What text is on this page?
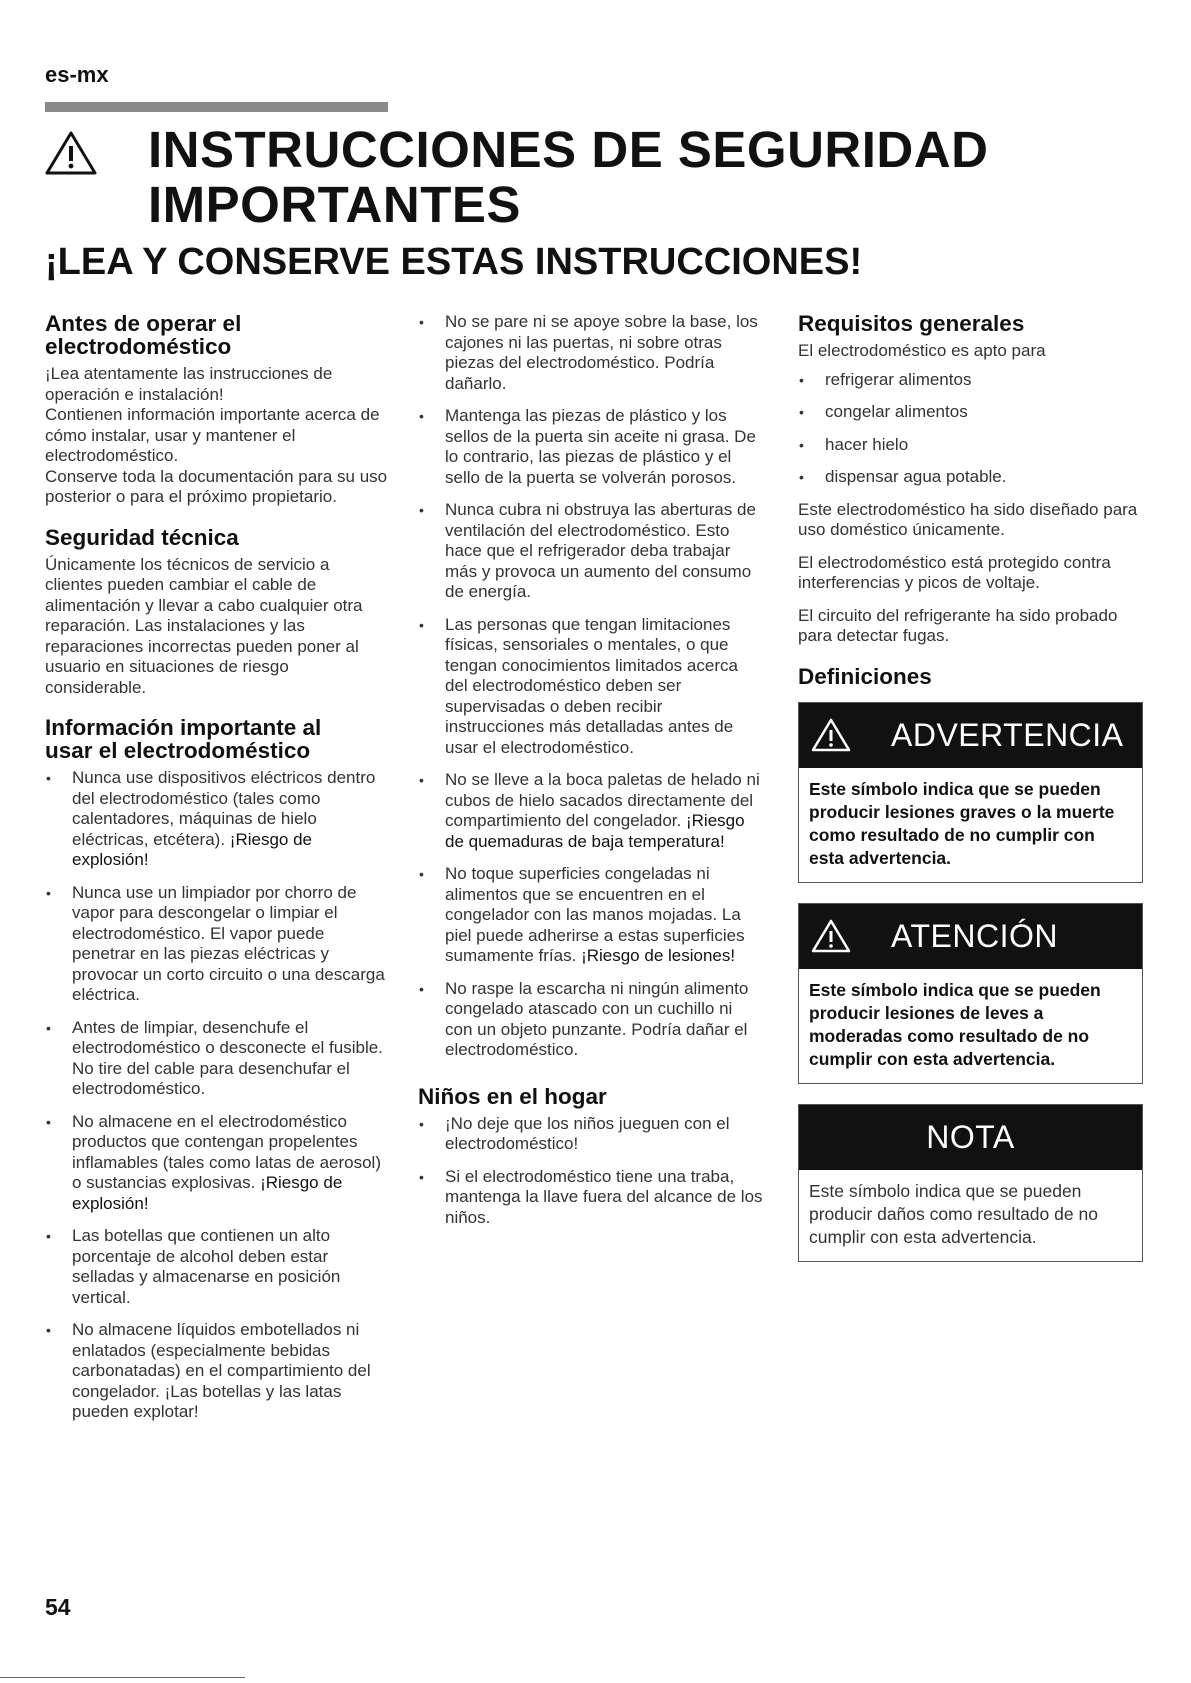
es-mx
INSTRUCCIONES DE SEGURIDAD
IMPORTANTES
¡LEA Y CONSERVE ESTAS INSTRUCCIONES!
Antes de operar el
electrodoméstico

¡Lea atentamente las instrucciones de operación e instalación!

Contienen información importante acerca de cómo instalar, usar y mantener el electrodoméstico.

Conserve toda la documentación para su uso posterior o para el próximo propietario.

Seguridad técnica

Únicamente los técnicos de servicio a clientes pueden cambiar el cable de alimentación y llevar a cabo cualquier otra reparación. Las instalaciones y las reparaciones incorrectas pueden poner al usuario en situaciones de riesgo considerable.

Información importante al
usar el electrodoméstico
• Nunca use dispositivos eléctricos dentro del electrodoméstico (tales como calentadores, máquinas de hielo eléctricas, etcétera). ¡Riesgo de explosión!
• Nunca use un limpiador por chorro de vapor para descongelar o limpiar el electrodoméstico. El vapor puede penetrar en las piezas eléctricas y provocar un corto circuito o una descarga eléctrica.
• Antes de limpiar, desenchufe el electrodoméstico o desconecte el fusible.
No tire del cable para desenchufar el electrodoméstico.
• No almacene en el electrodoméstico productos que contengan propelentes inflamables (tales como latas de aerosol) o sustancias explosivas. ¡Riesgo de explosión!
• Las botellas que contienen un alto porcentaje de alcohol deben estar selladas y almacenarse en posición vertical.
• No almacene líquidos embotellados ni enlatados (especialmente bebidas carbonatadas) en el compartimiento del congelador. ¡Las botellas y las latas pueden explotar!
• No se pare ni se apoye sobre la base, los cajones ni las puertas, ni sobre otras piezas del electrodoméstico. Podría dañarlo.
• Mantenga las piezas de plástico y los sellos de la puerta sin aceite ni grasa. De lo contrario, las piezas de plástico y el sello de la puerta se volverán porosos.
• Nunca cubra ni obstruya las aberturas de ventilación del electrodoméstico. Esto hace que el refrigerador deba trabajar más y provoca un aumento del consumo de energía.
• Las personas que tengan limitaciones físicas, sensoriales o mentales, o que tengan conocimientos limitados acerca del electrodoméstico deben ser supervisadas o deben recibir instrucciones más detalladas antes de usar el electrodoméstico.
• No se lleve a la boca paletas de helado ni cubos de hielo sacados directamente del compartimiento del congelador. ¡Riesgo de quemaduras de baja temperatura!
• No toque superficies congeladas ni alimentos que se encuentren en el congelador con las manos mojadas. La piel puede adherirse a estas superficies sumamente frías. ¡Riesgo de lesiones!
• No raspe la escarcha ni ningún alimento congelado atascado con un cuchillo ni con un objeto punzante. Podría dañar el electrodoméstico.
Niños en el hogar
• ¡No deje que los niños jueguen con el electrodoméstico!
• Si el electrodoméstico tiene una traba, mantenga la llave fuera del alcance de los niños.
Requisitos generales

El electrodoméstico es apto para

• refrigerar alimentos
• congelar alimentos
• hacer hielo
• dispensar agua potable.

Este electrodoméstico ha sido diseñado para uso doméstico únicamente.

El electrodoméstico está protegido contra interferencias y picos de voltaje.

El circuito del refrigerante ha sido probado para detectar fugas.

Definiciones
ADVERTENCIA
Este símbolo indica que se pueden producir lesiones graves o la muerte como resultado de no cumplir con esta advertencia.
ATENCIÓN
Este símbolo indica que se pueden producir lesiones de leves a moderadas como resultado de no cumplir con esta advertencia.
NOTA
Este símbolo indica que se pueden producir daños como resultado de no cumplir con esta advertencia.
54
